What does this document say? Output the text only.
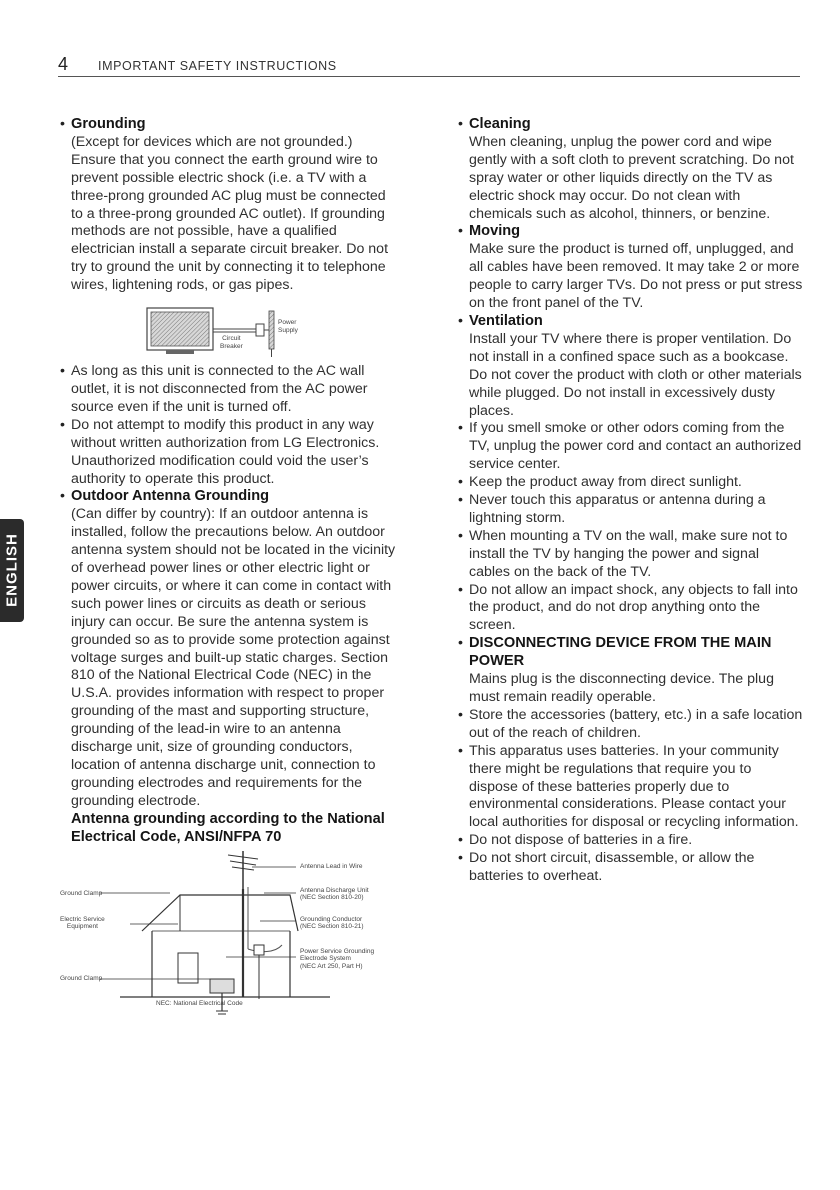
4 IMPORTANT SAFETY INSTRUCTIONS
ENGLISH
• Grounding

(Except for devices which are not grounded.) Ensure that you connect the earth ground wire to prevent possible electric shock (i.e. a TV with a three-prong grounded AC plug must be connected to a three-prong grounded AC outlet). If grounding methods are not possible, have a qualified electrician install a separate circuit breaker. Do not try to ground the unit by connecting it to telephone wires, lightening rods, or gas pipes.

Power
Supply
Circuit
Breaker

• As long as this unit is connected to the AC wall outlet, it is not disconnected from the AC power source even if the unit is turned off.

• Do not attempt to modify this product in any way without written authorization from LG Electronics. Unauthorized modification could void the user’s authority to operate this product.

• Outdoor Antenna Grounding

(Can differ by country): If an outdoor antenna is installed, follow the precautions below. An outdoor antenna system should not be located in the vicinity of overhead power lines or other electric light or power circuits, or where it can come in contact with such power lines or circuits as death or serious injury can occur. Be sure the antenna system is grounded so as to provide some protection against voltage surges and built-up static charges. Section 810 of the National Electrical Code (NEC) in the U.S.A. provides information with respect to proper grounding of the mast and supporting structure, grounding of the lead-in wire to an antenna discharge unit, size of grounding conductors, location of antenna discharge unit, connection to grounding electrodes and requirements for the grounding electrode.

Antenna grounding according to the National Electrical Code, ANSI/NFPA 70

Antenna Lead in Wire
Antenna Discharge Unit
(NEC Section 810-20)
Grounding Conductor
(NEC Section 810-21)
Power Service Grounding
Electrode System
(NEC Art 250, Part H)
Ground Clamp
Electric Service
Equipment
Ground Clamp
NEC: National Electrical Code
• Cleaning

When cleaning, unplug the power cord and wipe gently with a soft cloth to prevent scratching. Do not spray water or other liquids directly on the TV as electric shock may occur. Do not clean with chemicals such as alcohol, thinners, or benzine.

• Moving

Make sure the product is turned off, unplugged, and all cables have been removed. It may take 2 or more people to carry larger TVs. Do not press or put stress on the front panel of the TV.

• Ventilation

Install your TV where there is proper ventilation. Do not install in a confined space such as a bookcase. Do not cover the product with cloth or other materials while plugged. Do not install in excessively dusty places.

• If you smell smoke or other odors coming from the TV, unplug the power cord and contact an authorized service center.

• Keep the product away from direct sunlight.

• Never touch this apparatus or antenna during a lightning storm.

• When mounting a TV on the wall, make sure not to install the TV by hanging the power and signal cables on the back of the TV.

• Do not allow an impact shock, any objects to fall into the product, and do not drop anything onto the screen.

• DISCONNECTING DEVICE FROM THE MAIN POWER

Mains plug is the disconnecting device. The plug must remain readily operable.

• Store the accessories (battery, etc.) in a safe location out of the reach of children.

• This apparatus uses batteries. In your community there might be regulations that require you to dispose of these batteries properly due to environmental considerations. Please contact your local authorities for disposal or recycling information.

• Do not dispose of batteries in a fire.

• Do not short circuit, disassemble, or allow the batteries to overheat.
